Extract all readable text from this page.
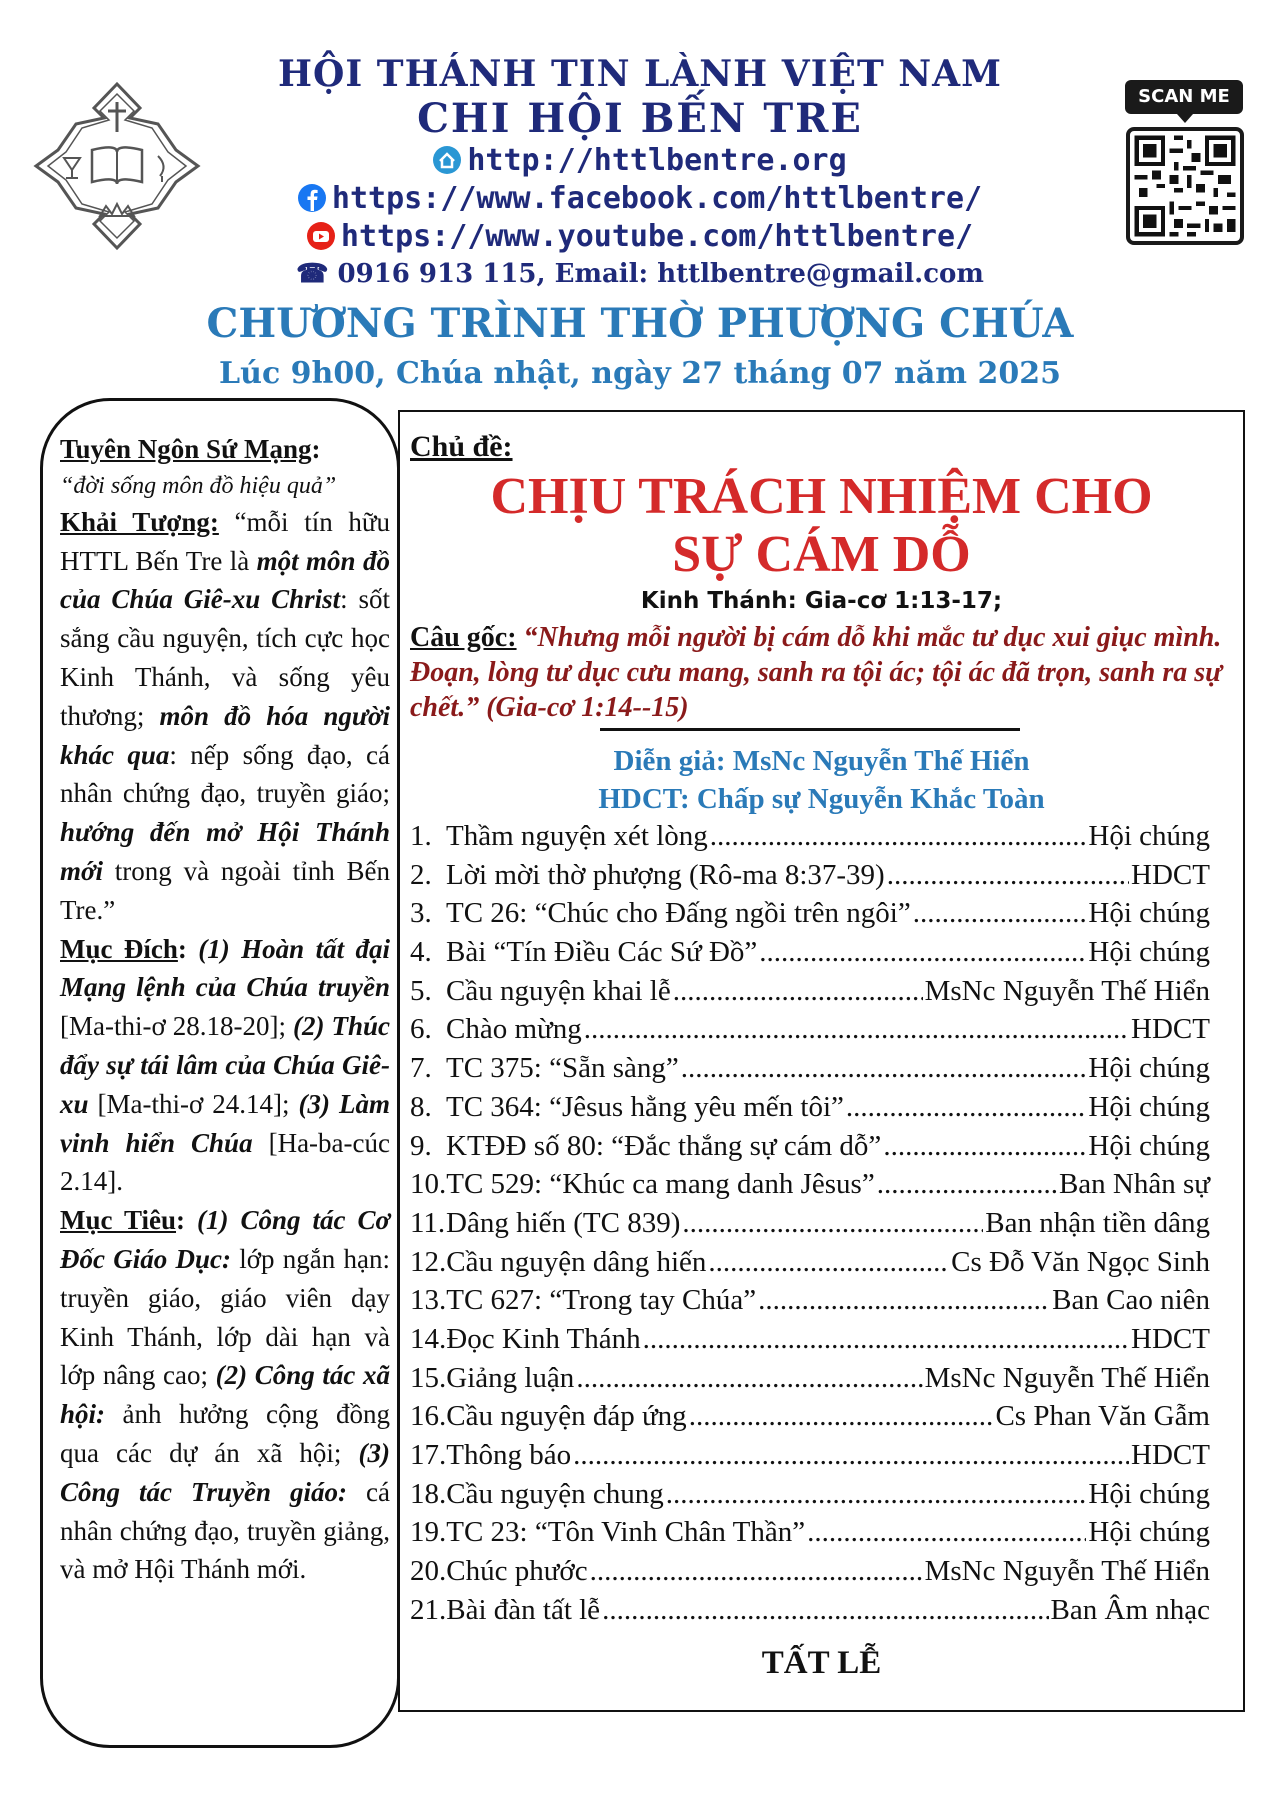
HỘI THÁNH TIN LÀNH VIỆT NAM
CHI HỘI BẾN TRE
http://httlbentre.org
https://www.facebook.com/httlbentre/
https://www.youtube.com/httlbentre/
☎ 0916 913 115, Email: httlbentre@gmail.com
CHƯƠNG TRÌNH THỜ PHƯỢNG CHÚA
Lúc 9h00, Chúa nhật, ngày 27 tháng 07 năm 2025
SCAN ME

Tuyên Ngôn Sứ Mạng:

“đời sống môn đồ hiệu quả”

Khải Tượng: “mỗi tín hữu HTTL Bến Tre là một môn đồ của Chúa Giê-xu Christ: sốt sắng cầu nguyện, tích cực học Kinh Thánh, và sống yêu thương; môn đồ hóa người khác qua: nếp sống đạo, cá nhân chứng đạo, truyền giáo; hướng đến mở Hội Thánh mới trong và ngoài tỉnh Bến Tre.”

Mục Đích: (1) Hoàn tất đại Mạng lệnh của Chúa truyền [Ma-thi-ơ 28.18-20]; (2) Thúc đẩy sự tái lâm của Chúa Giê-xu [Ma-thi-ơ 24.14]; (3) Làm vinh hiển Chúa [Ha-ba-cúc 2.14].

Mục Tiêu: (1) Công tác Cơ Đốc Giáo Dục: lớp ngắn hạn: truyền giáo, giáo viên dạy Kinh Thánh, lớp dài hạn và lớp nâng cao; (2) Công tác xã hội: ảnh hưởng cộng đồng qua các dự án xã hội; (3) Công tác Truyền giáo: cá nhân chứng đạo, truyền giảng, và mở Hội Thánh mới.

Chủ đề:
CHỊU TRÁCH NHIỆM CHO
SỰ CÁM DỖ
Kinh Thánh: Gia-cơ 1:13-17;
Câu gốc: “Nhưng mỗi người bị cám dỗ khi mắc tư dục xui giục mình. Đoạn, lòng tư dục cưu mang, sanh ra tội ác; tội ác đã trọn, sanh ra sự chết.” (Gia-cơ 1:14--15)
Diễn giả: MsNc Nguyễn Thế Hiển
HDCT: Chấp sự Nguyễn Khắc Toàn
1. Thầm nguyện xét lòng .....	Hội chúng
2. Lời mời thờ phượng (Rô-ma 8:37-39) .....	HDCT
3. TC 26: “Chúc cho Đấng ngồi trên ngôi” .....	Hội chúng
4. Bài “Tín Điều Các Sứ Đồ” .....	Hội chúng
5. Cầu nguyện khai lễ .....	MsNc Nguyễn Thế Hiển
6. Chào mừng .....	HDCT
7. TC 375: “Sẵn sàng” .....	Hội chúng
8. TC 364: “Jêsus hằng yêu mến tôi” .....	Hội chúng
9. KTĐĐ số 80: “Đắc thắng sự cám dỗ” .....	Hội chúng
10. TC 529: “Khúc ca mang danh Jêsus” .....	Ban Nhân sự
11. Dâng hiến (TC 839) .....	Ban nhận tiền dâng
12. Cầu nguyện dâng hiến .....	Cs Đỗ Văn Ngọc Sinh
13. TC 627: “Trong tay Chúa” .....	Ban Cao niên
14. Đọc Kinh Thánh .....	HDCT
15. Giảng luận .....	MsNc Nguyễn Thế Hiển
16. Cầu nguyện đáp ứng .....	Cs Phan Văn Gẫm
17. Thông báo .....	HDCT
18. Cầu nguyện chung .....	Hội chúng
19. TC 23: “Tôn Vinh Chân Thần” .....	Hội chúng
20. Chúc phước .....	MsNc Nguyễn Thế Hiển
21. Bài đàn tất lễ .....	Ban Âm nhạc
TẤT LỄ
